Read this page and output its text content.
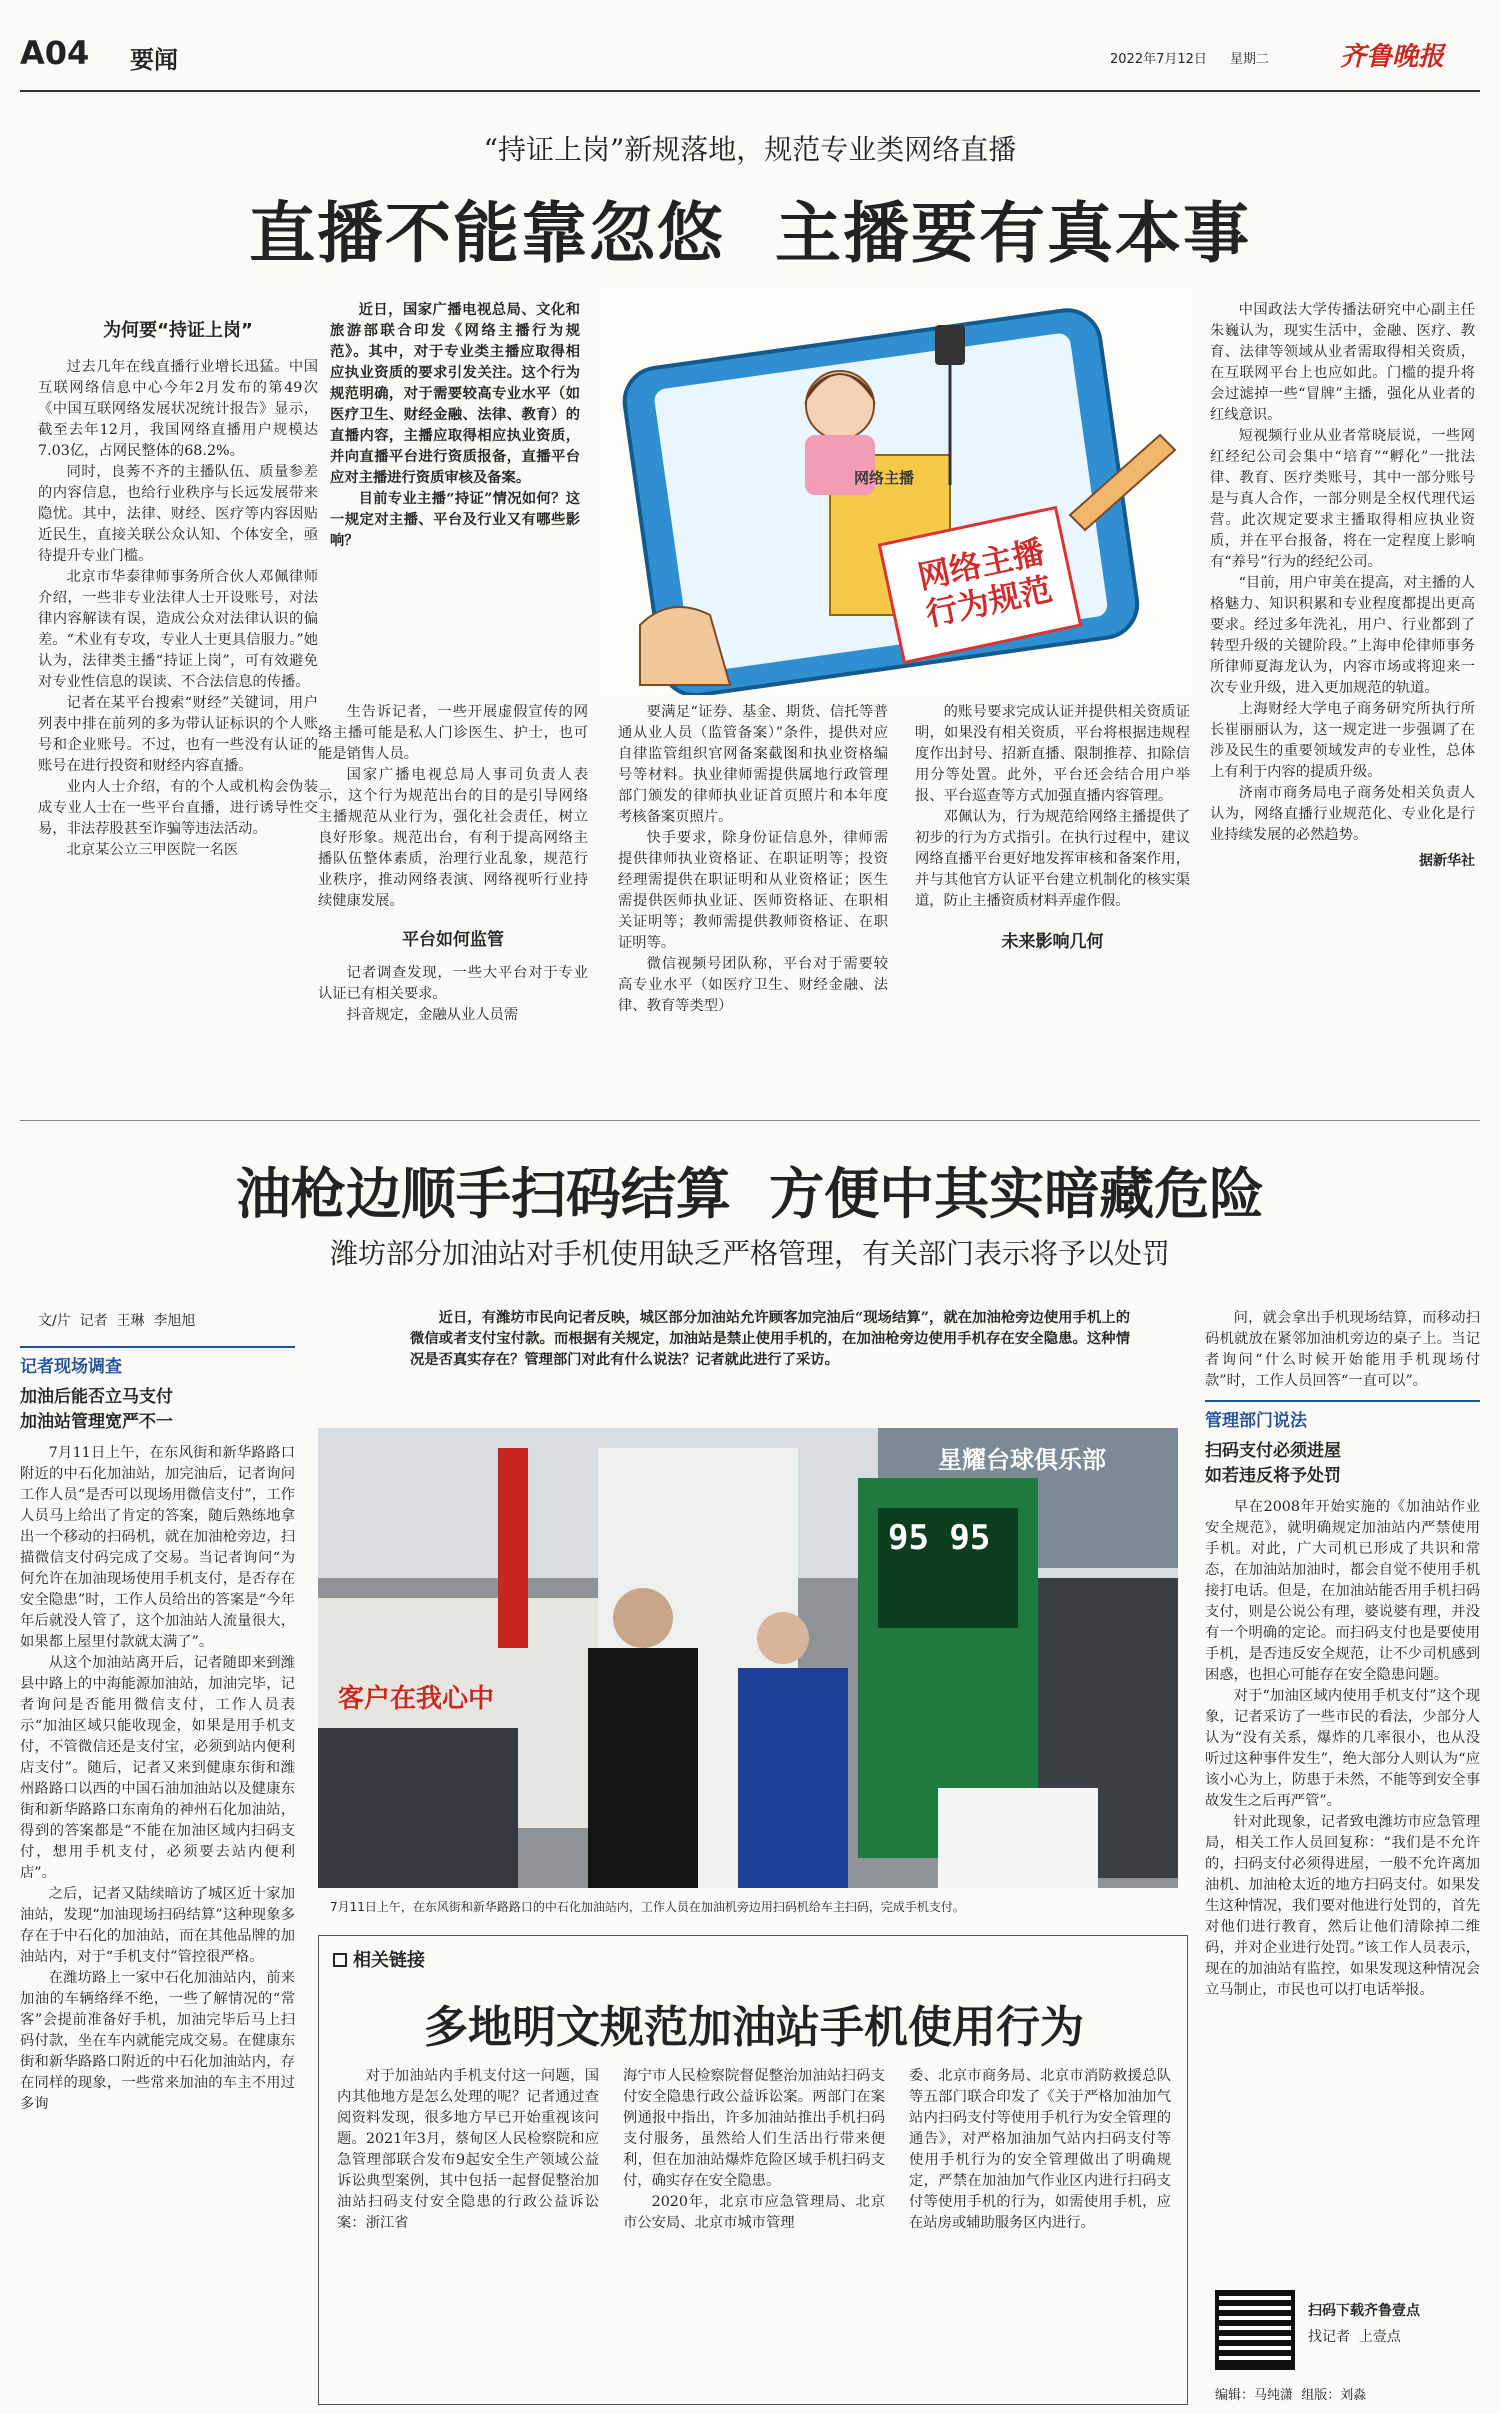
A04 要闻	2022年7月12日 星期二	齐鲁晚报
“持证上岗”新规落地，规范专业类网络直播
直播不能靠忽悠  主播要有真本事
为何要“持证上岗”

过去几年在线直播行业增长迅猛。中国互联网络信息中心今年2月发布的第49次《中国互联网络发展状况统计报告》显示，截至去年12月，我国网络直播用户规模达7.03亿，占网民整体的68.2%。

同时，良莠不齐的主播队伍、质量参差的内容信息，也给行业秩序与长远发展带来隐忧。其中，法律、财经、医疗等内容因贴近民生，直接关联公众认知、个体安全，亟待提升专业门槛。

北京市华泰律师事务所合伙人邓佩律师介绍，一些非专业法律人士开设账号，对法律内容解读有误，造成公众对法律认识的偏差。“术业有专攻，专业人士更具信服力。”她认为，法律类主播“持证上岗”，可有效避免对专业性信息的误读、不合法信息的传播。

记者在某平台搜索“财经”关键词，用户列表中排在前列的多为带认证标识的个人账号和企业账号。不过，也有一些没有认证的账号在进行投资和财经内容直播。

业内人士介绍，有的个人或机构会伪装成专业人士在一些平台直播，进行诱导性交易，非法荐股甚至诈骗等违法活动。

北京某公立三甲医院一名医

近日，国家广播电视总局、文化和旅游部联合印发《网络主播行为规范》。其中，对于专业类主播应取得相应执业资质的要求引发关注。这个行为规范明确，对于需要较高专业水平（如医疗卫生、财经金融、法律、教育）的直播内容，主播应取得相应执业资质，并向直播平台进行资质报备，直播平台应对主播进行资质审核及备案。

目前专业主播“持证”情况如何？这一规定对主播、平台及行业又有哪些影响？

网络主播
网络主播行为规范

生告诉记者，一些开展虚假宣传的网络主播可能是私人门诊医生、护士，也可能是销售人员。

国家广播电视总局人事司负责人表示，这个行为规范出台的目的是引导网络主播规范从业行为，强化社会责任，树立良好形象。规范出台，有利于提高网络主播队伍整体素质，治理行业乱象，规范行业秩序，推动网络表演、网络视听行业持续健康发展。

平台如何监管

记者调查发现，一些大平台对于专业认证已有相关要求。

抖音规定，金融从业人员需

要满足“证券、基金、期货、信托等普通从业人员（监管备案）”条件，提供对应自律监管组织官网备案截图和执业资格编号等材料。执业律师需提供属地行政管理部门颁发的律师执业证首页照片和本年度考核备案页照片。

快手要求，除身份证信息外，律师需提供律师执业资格证、在职证明等；投资经理需提供在职证明和从业资格证；医生需提供医师执业证、医师资格证、在职相关证明等；教师需提供教师资格证、在职证明等。

微信视频号团队称，平台对于需要较高专业水平（如医疗卫生、财经金融、法律、教育等类型）

的账号要求完成认证并提供相关资质证明，如果没有相关资质，平台将根据违规程度作出封号、招新直播、限制推荐、扣除信用分等处置。此外，平台还会结合用户举报、平台巡查等方式加强直播内容管理。

邓佩认为，行为规范给网络主播提供了初步的行为方式指引。在执行过程中，建议网络直播平台更好地发挥审核和备案作用，并与其他官方认证平台建立机制化的核实渠道，防止主播资质材料弄虚作假。

未来影响几何

中国政法大学传播法研究中心副主任朱巍认为，现实生活中，金融、医疗、教育、法律等领域从业者需取得相关资质，在互联网平台上也应如此。门槛的提升将会过滤掉一些“冒牌”主播，强化从业者的红线意识。

短视频行业从业者常晓辰说，一些网红经纪公司会集中“培育”“孵化”一批法律、教育、医疗类账号，其中一部分账号是与真人合作，一部分则是全权代理代运营。此次规定要求主播取得相应执业资质，并在平台报备，将在一定程度上影响有“养号”行为的经纪公司。

“目前，用户审美在提高，对主播的人格魅力、知识积累和专业程度都提出更高要求。经过多年洗礼，用户、行业都到了转型升级的关键阶段。”上海申伦律师事务所律师夏海龙认为，内容市场或将迎来一次专业升级，进入更加规范的轨道。

上海财经大学电子商务研究所执行所长崔丽丽认为，这一规定进一步强调了在涉及民生的重要领域发声的专业性，总体上有利于内容的提质升级。

济南市商务局电子商务处相关负责人认为，网络直播行业规范化、专业化是行业持续发展的必然趋势。

据新华社
油枪边顺手扫码结算  方便中其实暗藏危险
潍坊部分加油站对手机使用缺乏严格管理，有关部门表示将予以处罚
文/片  记者  王琳  李旭旭	近日，有潍坊市民向记者反映，城区部分加油站允许顾客加完油后“现场结算”，就在加油枪旁边使用手机上的微信或者支付宝付款。而根据有关规定，加油站是禁止使用手机的，在加油枪旁边使用手机存在安全隐患。这种情况是否真实存在？管理部门对此有什么说法？记者就此进行了采访。

记者现场调查
加油后能否立马支付
加油站管理宽严不一

7月11日上午，在东风街和新华路路口附近的中石化加油站，加完油后，记者询问工作人员“是否可以现场用微信支付”，工作人员马上给出了肯定的答案，随后熟练地拿出一个移动的扫码机，就在加油枪旁边，扫描微信支付码完成了交易。当记者询问“为何允许在加油现场使用手机支付，是否存在安全隐患”时，工作人员给出的答案是“今年年后就没人管了，这个加油站人流量很大，如果都上屋里付款就太满了”。

从这个加油站离开后，记者随即来到潍县中路上的中海能源加油站，加油完毕，记者询问是否能用微信支付，工作人员表示“加油区域只能收现金，如果是用手机支付，不管微信还是支付宝，必须到站内便利店支付”。随后，记者又来到健康东街和潍州路路口以西的中国石油加油站以及健康东街和新华路路口东南角的神州石化加油站，得到的答案都是“不能在加油区域内扫码支付，想用手机支付，必须要去站内便利店”。

之后，记者又陆续暗访了城区近十家加油站，发现“加油现场扫码结算”这种现象多存在于中石化的加油站，而在其他品牌的加油站内，对于“手机支付”管控很严格。

在潍坊路上一家中石化加油站内，前来加油的车辆络绎不绝，一些了解情况的“常客”会提前准备好手机，加油完毕后马上扫码付款，坐在车内就能完成交易。在健康东街和新华路路口附近的中石化加油站内，存在同样的现象，一些常来加油的车主不用过多询

星耀台球俱乐部
客户在我心中
95 95
7月11日上午，在东风街和新华路路口的中石化加油站内，工作人员在加油机旁边用扫码机给车主扫码，完成手机支付。

问，就会拿出手机现场结算，而移动扫码机就放在紧邻加油机旁边的桌子上。当记者询问“什么时候开始能用手机现场付款”时，工作人员回答“一直可以”。

管理部门说法
扫码支付必须进屋
如若违反将予处罚

早在2008年开始实施的《加油站作业安全规范》，就明确规定加油站内严禁使用手机。对此，广大司机已形成了共识和常态，在加油站加油时，都会自觉不使用手机接打电话。但是，在加油站能否用手机扫码支付，则是公说公有理，婆说婆有理，并没有一个明确的定论。而扫码支付也是要使用手机，是否违反安全规范，让不少司机感到困惑，也担心可能存在安全隐患问题。

对于“加油区域内使用手机支付”这个现象，记者采访了一些市民的看法，少部分人认为“没有关系，爆炸的几率很小，也从没听过这种事件发生”，绝大部分人则认为“应该小心为上，防患于未然，不能等到安全事故发生之后再严管”。

针对此现象，记者致电潍坊市应急管理局，相关工作人员回复称：“我们是不允许的，扫码支付必须得进屋，一般不允许离加油机、加油枪太近的地方扫码支付。如果发生这种情况，我们要对他进行处罚的，首先对他们进行教育，然后让他们清除掉二维码，并对企业进行处罚。”该工作人员表示，现在的加油站有监控，如果发现这种情况会立马制止，市民也可以打电话举报。

相关链接
多地明文规范加油站手机使用行为

对于加油站内手机支付这一问题，国内其他地方是怎么处理的呢？记者通过查阅资料发现，很多地方早已开始重视该问题。2021年3月，蔡甸区人民检察院和应急管理部联合发布9起安全生产领域公益诉讼典型案例，其中包括一起督促整治加油站扫码支付安全隐患的行政公益诉讼案：浙江省

海宁市人民检察院督促整治加油站扫码支付安全隐患行政公益诉讼案。两部门在案例通报中指出，许多加油站推出手机扫码支付服务，虽然给人们生活出行带来便利，但在加油站爆炸危险区域手机扫码支付，确实存在安全隐患。

2020年，北京市应急管理局、北京市公安局、北京市城市管理

委、北京市商务局、北京市消防救援总队等五部门联合印发了《关于严格加油加气站内扫码支付等使用手机行为安全管理的通告》，对严格加油加气站内扫码支付等使用手机行为的安全管理做出了明确规定，严禁在加油加气作业区内进行扫码支付等使用手机的行为，如需使用手机，应在站房或辅助服务区内进行。

扫码下载齐鲁壹点
找记者  上壹点
编辑：马纯潇  组版：刘淼
